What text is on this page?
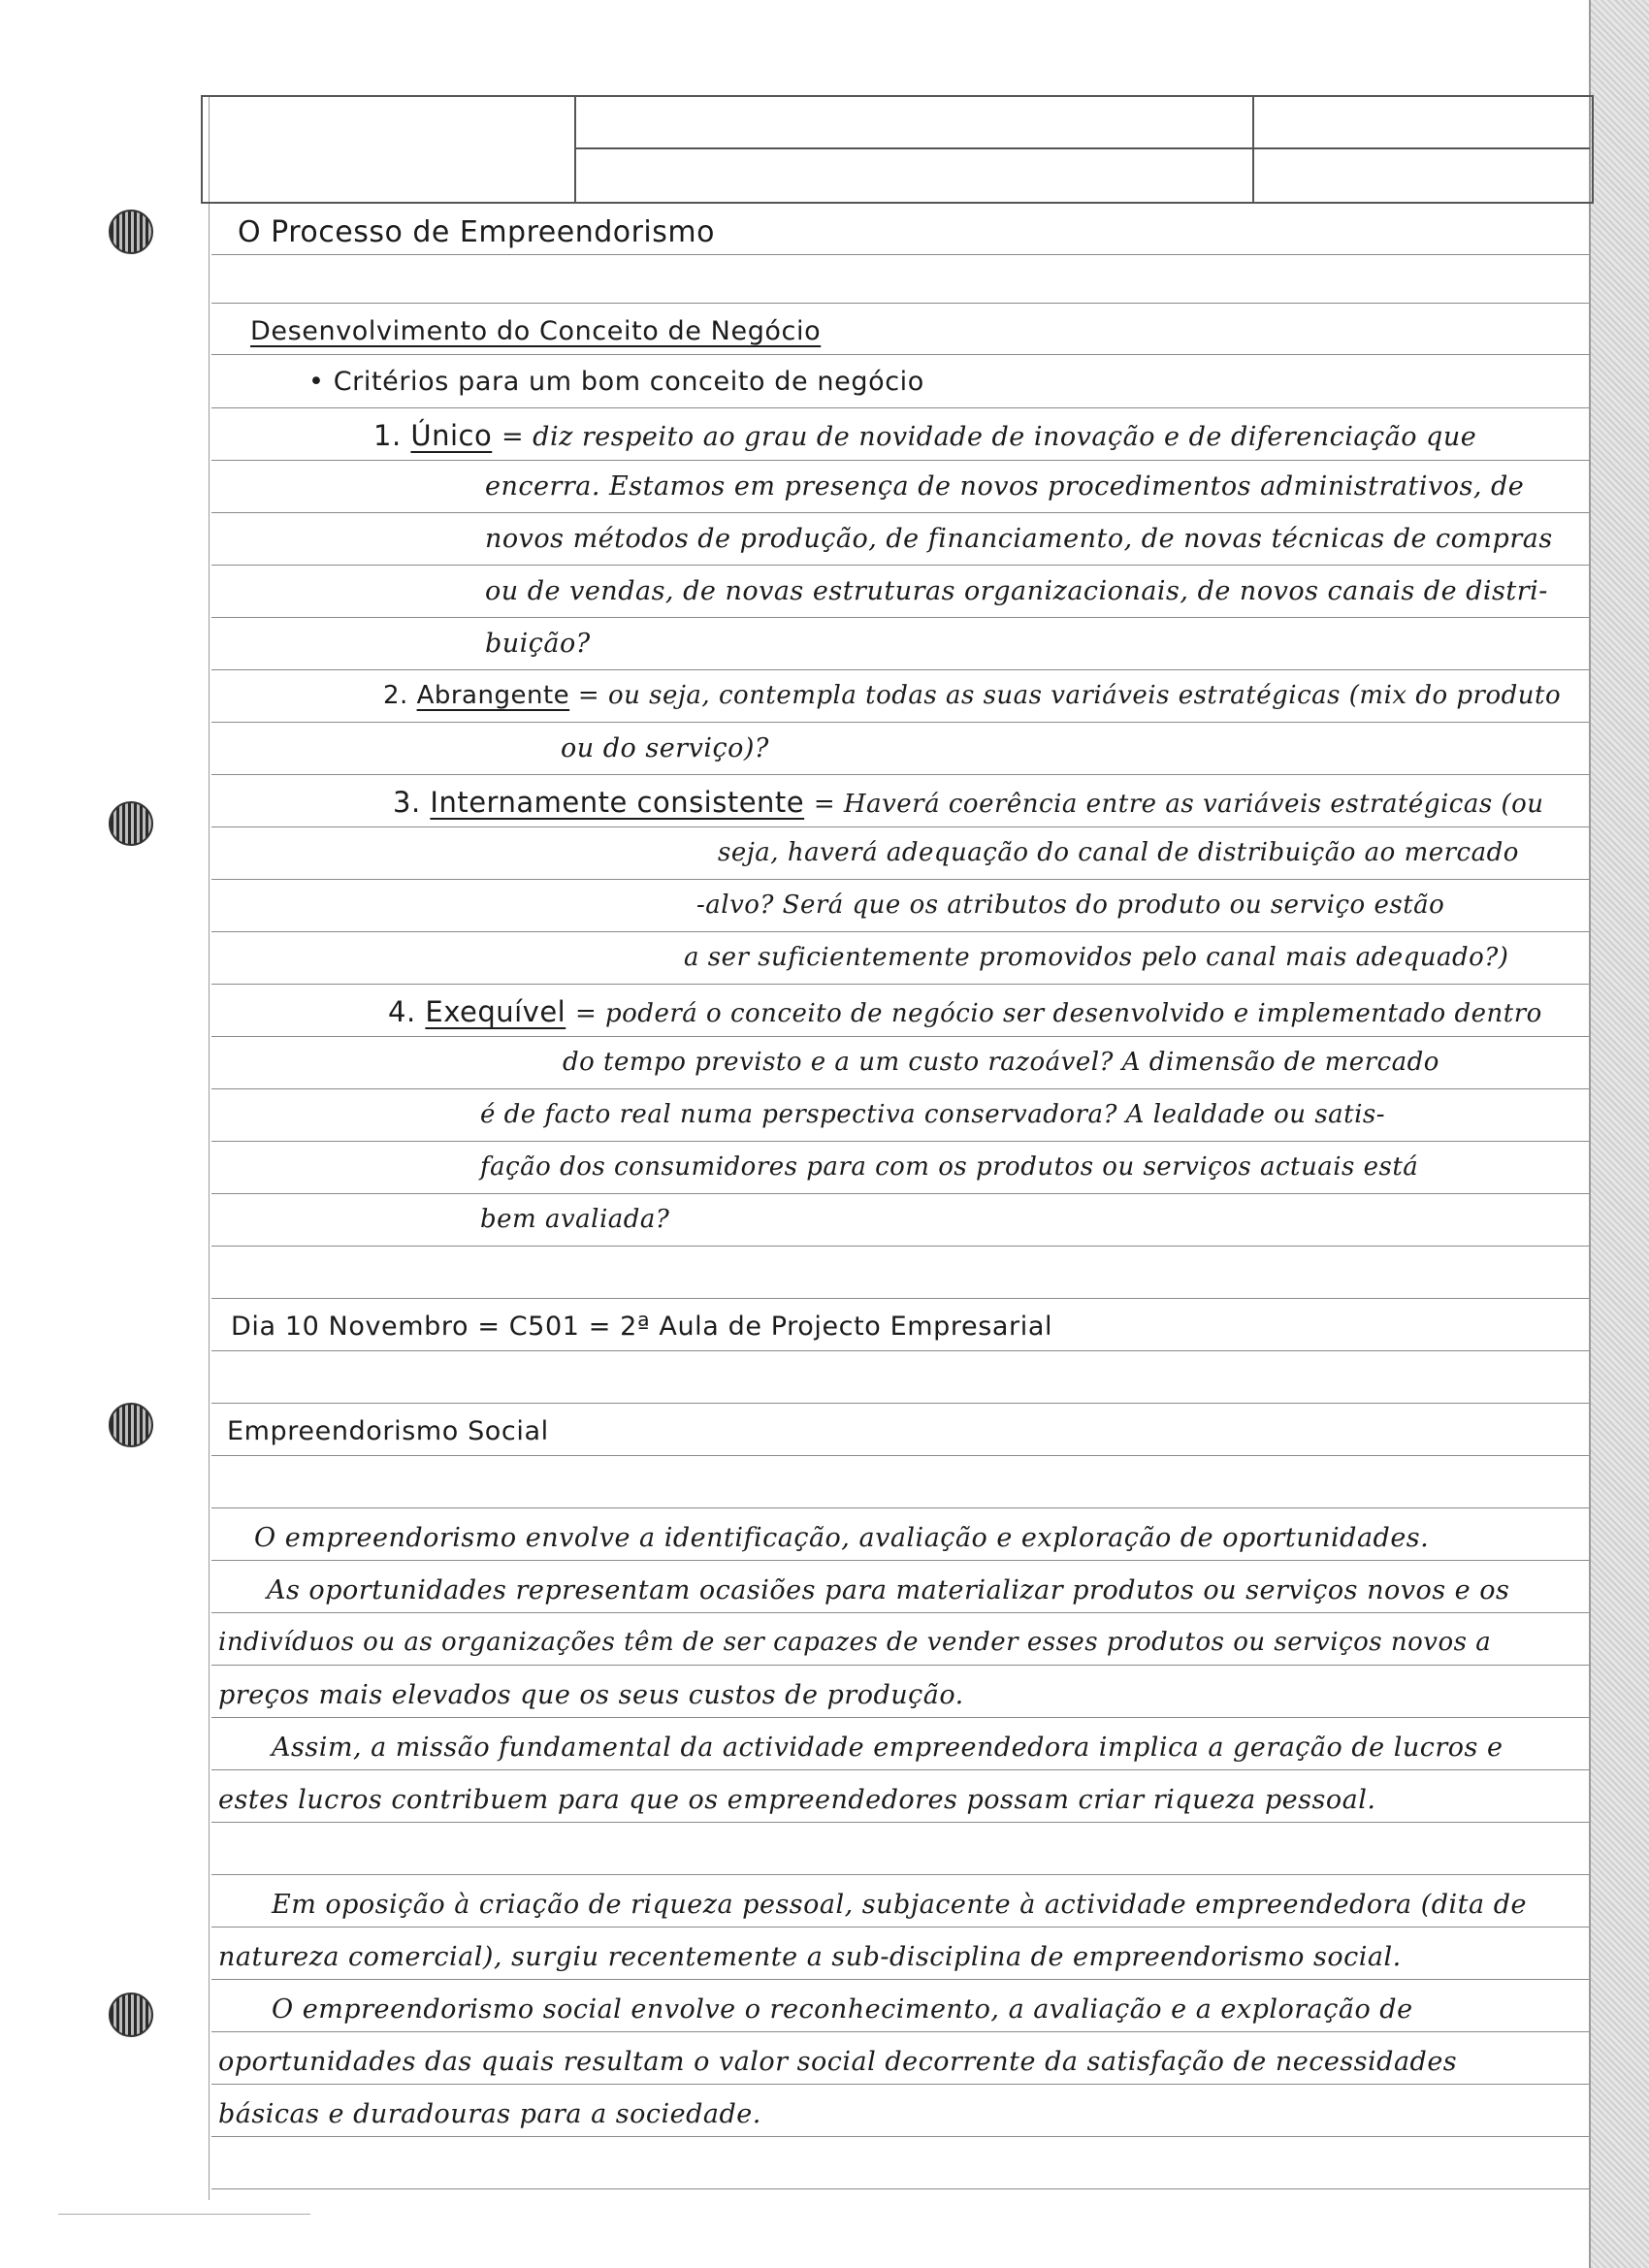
O Processo de Empreendorismo
Desenvolvimento do Conceito de Negócio
• Critérios para um bom conceito de negócio
1. Único = diz respeito ao grau de novidade de inovação e de diferenciação que
encerra. Estamos em presença de novos procedimentos administrativos, de
novos métodos de produção, de financiamento, de novas técnicas de compras
ou de vendas, de novas estruturas organizacionais, de novos canais de distri-
buição?
2. Abrangente = ou seja, contempla todas as suas variáveis estratégicas (mix do produto
ou do serviço)?
3. Internamente consistente = Haverá coerência entre as variáveis estratégicas (ou
seja, haverá adequação do canal de distribuição ao mercado
-alvo? Será que os atributos do produto ou serviço estão
a ser suficientemente promovidos pelo canal mais adequado?)
4. Exequível = poderá o conceito de negócio ser desenvolvido e implementado dentro
do tempo previsto e a um custo razoável? A dimensão de mercado
é de facto real numa perspectiva conservadora? A lealdade ou satis-
fação dos consumidores para com os produtos ou serviços actuais está
bem avaliada?
Dia 10 Novembro = C501 = 2ª Aula de Projecto Empresarial
Empreendorismo Social
O empreendorismo envolve a identificação, avaliação e exploração de oportunidades.
As oportunidades representam ocasiões para materializar produtos ou serviços novos e os
indivíduos ou as organizações têm de ser capazes de vender esses produtos ou serviços novos a
preços mais elevados que os seus custos de produção.
Assim, a missão fundamental da actividade empreendedora implica a geração de lucros e
estes lucros contribuem para que os empreendedores possam criar riqueza pessoal.
Em oposição à criação de riqueza pessoal, subjacente à actividade empreendedora (dita de
natureza comercial), surgiu recentemente a sub-disciplina de empreendorismo social.
O empreendorismo social envolve o reconhecimento, a avaliação e a exploração de
oportunidades das quais resultam o valor social decorrente da satisfação de necessidades
básicas e duradouras para a sociedade.
